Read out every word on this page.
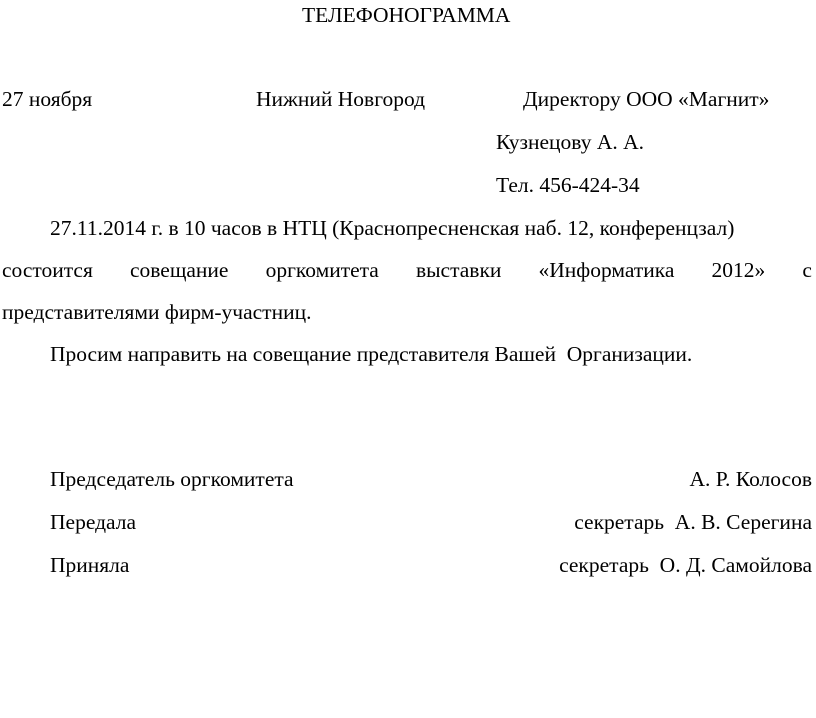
ТЕЛЕФОНОГРАММА
27 ноября	Нижний Новгород	Директору ООО «Магнит»
Кузнецову А. А.
Тел. 456-424-34
27.11.2014 г. в 10 часов в НТЦ (Краснопресненская наб. 12, конференцзал)
состоится совещание оргкомитета выставки «Информатика 2012» с
представителями фирм-участниц.
Просим направить на совещание представителя Вашей  Организации.
Председатель оргкомитета	А. Р. Колосов
Передала	секретарь  А. В. Серегина
Приняла	секретарь  О. Д. Самойлова
